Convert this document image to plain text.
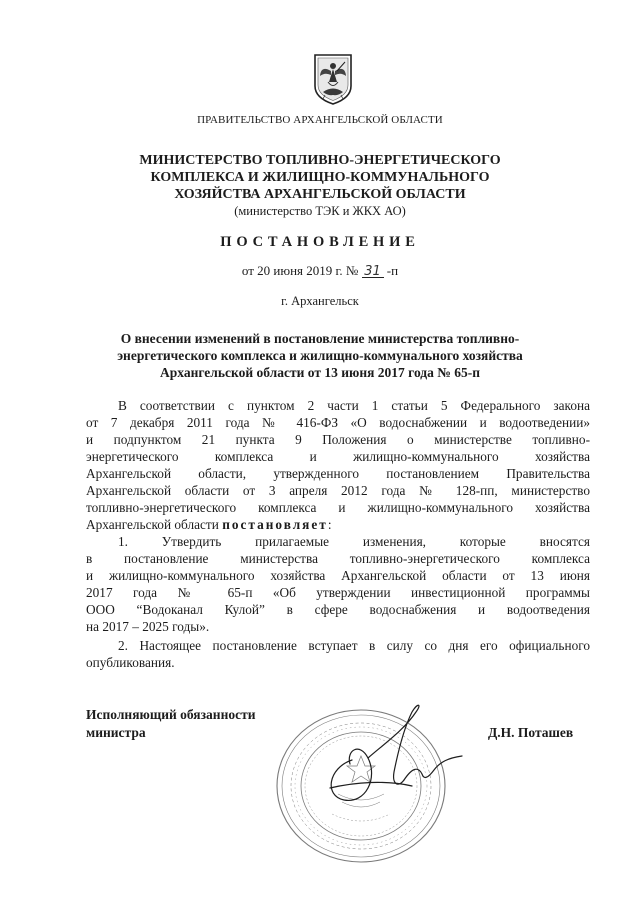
ПРАВИТЕЛЬСТВО АРХАНГЕЛЬСКОЙ ОБЛАСТИ
МИНИСТЕРСТВО ТОПЛИВНО-ЭНЕРГЕТИЧЕСКОГО
КОМПЛЕКСА И ЖИЛИЩНО-КОММУНАЛЬНОГО
ХОЗЯЙСТВА АРХАНГЕЛЬСКОЙ ОБЛАСТИ
(министерство ТЭК и ЖКХ АО)
ПОСТАНОВЛЕНИЕ
от 20 июня 2019 г. № 31 -п
г. Архангельск
О внесении изменений в постановление министерства топливно-
энергетического комплекса и жилищно-коммунального хозяйства
Архангельской области от 13 июня 2017 года № 65-п
В соответствии с пунктом 2 части 1 статьи 5 Федерального закона
от 7 декабря 2011 года № 416-ФЗ «О водоснабжении и водоотведении»
и подпунктом 21 пункта 9 Положения о министерстве топливно-
энергетического комплекса и жилищно-коммунального хозяйства
Архангельской области, утвержденного постановлением Правительства
Архангельской области от 3 апреля 2012 года № 128-пп, министерство
топливно-энергетического комплекса и жилищно-коммунального хозяйства
Архангельской области постановляет:
1. Утвердить прилагаемые изменения, которые вносятся
в постановление министерства топливно-энергетического комплекса
и жилищно-коммунального хозяйства Архангельской области от 13 июня
2017 года № 65-п «Об утверждении инвестиционной программы
ООО “Водоканал Кулой” в сфере водоснабжения и водоотведения
на 2017 – 2025 годы».
2. Настоящее постановление вступает в силу со дня его официального
опубликования.
Исполняющий обязанности
министра	Д.Н. Поташев
